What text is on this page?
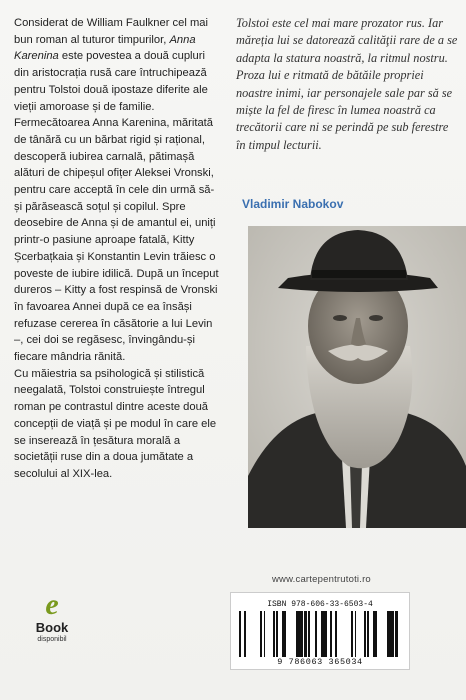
Considerat de William Faulkner cel mai bun roman al tuturor timpurilor, Anna Karenina este povestea a două cupluri din aristocrația rusă care întruchipează pentru Tolstoi două ipostaze diferite ale vieții amoroase și de familie. Fermecătoarea Anna Karenina, măritată de tânără cu un bărbat rigid și rațional, descoperă iubirea carnală, pătimașă alături de chipeșul ofițer Aleksei Vronski, pentru care acceptă în cele din urmă să-și părăsească soțul și copilul. Spre deosebire de Anna și de amantul ei, uniți printr-o pasiune aproape fatală, Kitty Șcerbațkaia și Konstantin Levin trăiesc o poveste de iubire idilică. După un început dureros – Kitty a fost respinsă de Vronski în favoarea Annei după ce ea însăși refuzase cererea în căsătorie a lui Levin –, cei doi se regăsesc, învingându-și fiecare mândria rănită.

Cu măiestria sa psihologică și stilistică neegalată, Tolstoi construiește întregul roman pe contrastul dintre aceste două concepții de viață și pe modul în care ele se inserează în țesătura morală a societății ruse din a doua jumătate a secolului al XIX-lea.

Tolstoi este cel mai mare prozator rus. Iar măreția lui se datorează calităţii rare de a se adapta la statura noastră, la ritmul nostru. Proza lui e ritmată de bătăile propriei noastre inimi, iar personajele sale par să se miște la fel de firesc în lumea noastră ca trecătorii care ni se perindă pe sub ferestre în timpul lecturii.
Vladimir Nabokov
www.cartepentrutoti.ro
e
Book
disponibil
ISBN 978-606-33-6503-4
9 786063 365034
